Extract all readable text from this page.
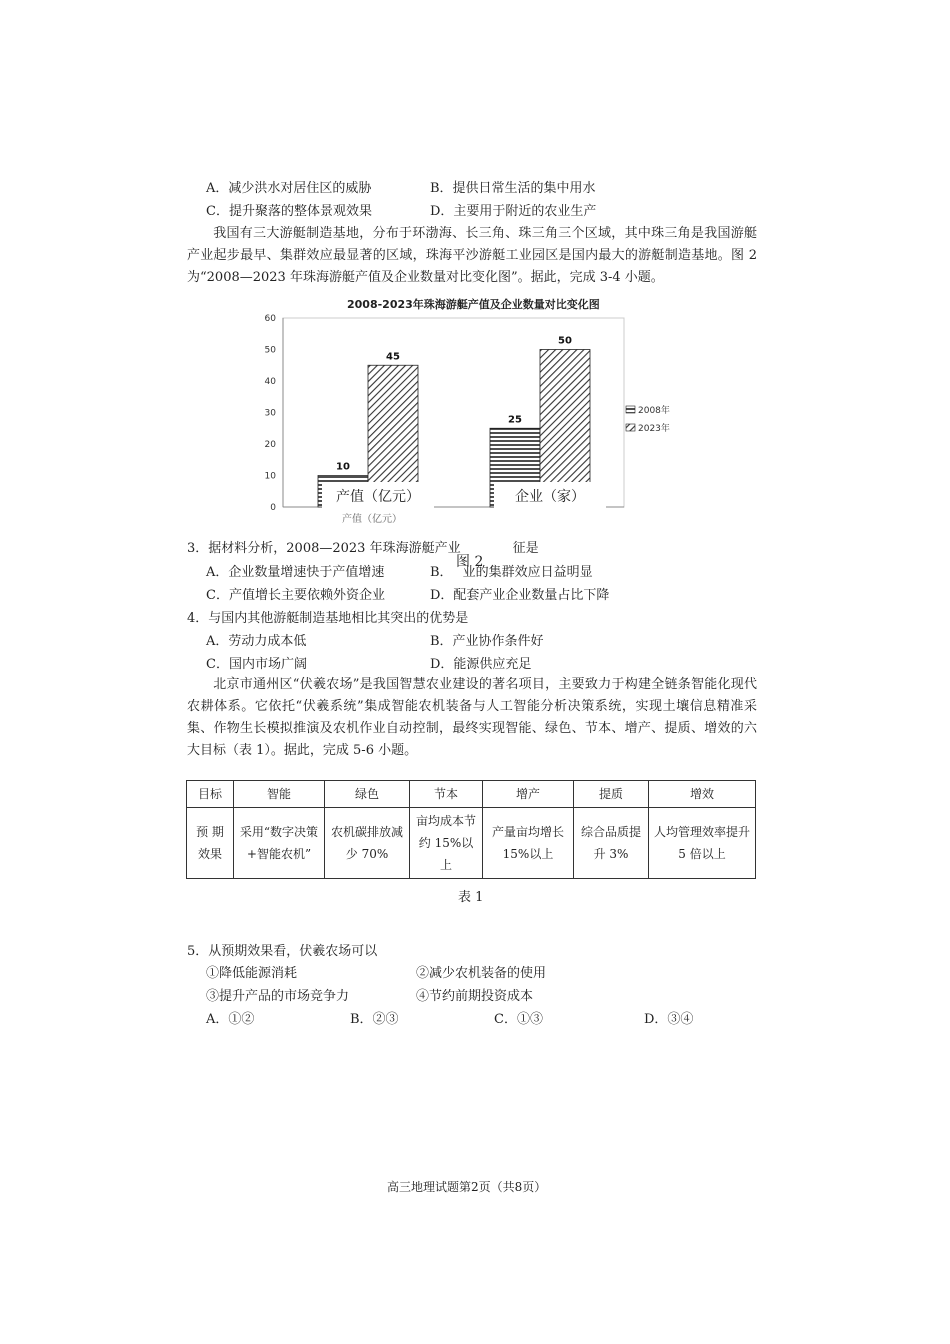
A．减少洪水对居住区的威胁	B．提供日常生活的集中用水
C．提升聚落的整体景观效果	D．主要用于附近的农业生产
我国有三大游艇制造基地，分布于环渤海、长三角、珠三角三个区域，其中珠三角是我国游艇产业起步最早、集群效应最显著的区域，珠海平沙游艇工业园区是国内最大的游艇制造基地。图 2 为“2008—2023 年珠海游艇产值及企业数量对比变化图”。据此，完成 3-4 小题。
2008-2023年珠海游艇产值及企业数量对比变化图
0
10
20
30
40
50
60
10
25
45
50
产值（亿元）	企业（家）
2008年
2023年
产值（亿元）
图 2
3．据材料分析，2008—2023 年珠海游艇产业	征是
A．企业数量增速快于产值增速	B． 业的集群效应日益明显
C．产值增长主要依赖外资企业	D．配套产业企业数量占比下降
4．与国内其他游艇制造基地相比其突出的优势是
A．劳动力成本低	B．产业协作条件好
C．国内市场广阔	D．能源供应充足
北京市通州区“伏羲农场”是我国智慧农业建设的著名项目，主要致力于构建全链条智能化现代农耕体系。它依托“伏羲系统”集成智能农机装备与人工智能分析决策系统，实现土壤信息精准采集、作物生长模拟推演及农机作业自动控制，最终实现智能、绿色、节本、增产、提质、增效的六大目标（表 1）。据此，完成 5-6 小题。
目标	智能	绿色	节本	增产	提质	增效
预 期 效果	采用“数字决策+智能农机”	农机碳排放减少 70%	亩均成本节约 15%以上	产量亩均增长 15%以上	综合品质提升 3%	人均管理效率提升 5 倍以上
表 1
5．从预期效果看，伏羲农场可以
①降低能源消耗	②减少农机装备的使用
③提升产品的市场竞争力	④节约前期投资成本
A．①②	B．②③	C．①③	D．③④
高三地理试题第2页（共8页）
